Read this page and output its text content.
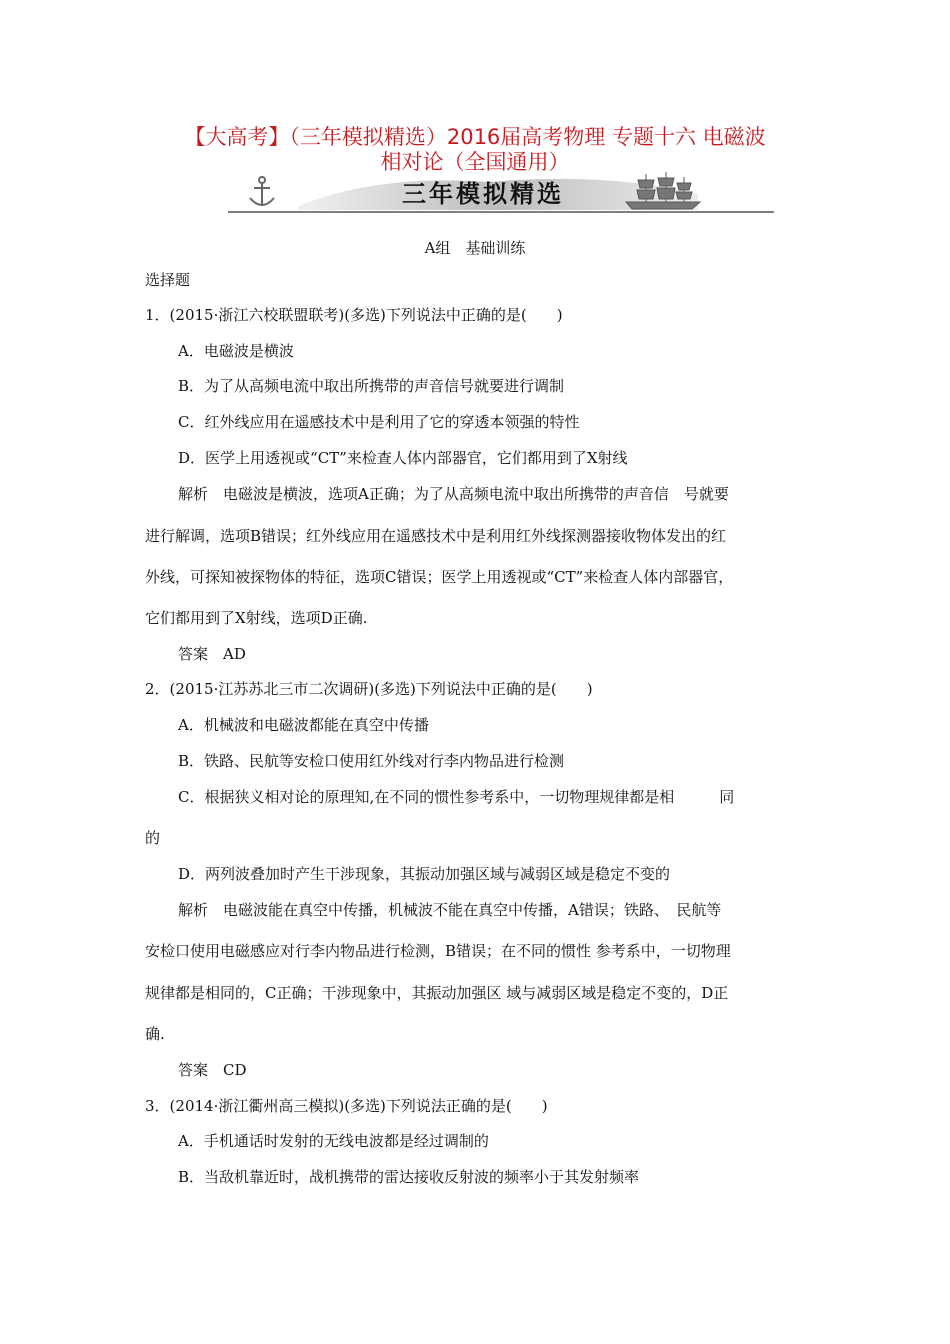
【大高考】（三年模拟精选）2016届高考物理 专题十六 电磁波
相对论（全国通用）
三年模拟精选
A组　基础训练
选择题
1．(2015·浙江六校联盟联考)(多选)下列说法中正确的是(　　)
A．电磁波是横波
B．为了从高频电流中取出所携带的声音信号就要进行调制
C．红外线应用在遥感技术中是利用了它的穿透本领强的特性
D．医学上用透视或“CT”来检查人体内部器官，它们都用到了X射线
解析　电磁波是横波，选项A正确；为了从高频电流中取出所携带的声音信　号就要
进行解调，选项B错误；红外线应用在遥感技术中是利用红外线探测器接收物体发出的红
外线，可探知被探物体的特征，选项C错误；医学上用透视或“CT”来检查人体内部器官，
它们都用到了X射线，选项D正确.
答案　AD
2．(2015·江苏苏北三市二次调研)(多选)下列说法中正确的是(　　)
A．机械波和电磁波都能在真空中传播
B．铁路、民航等安检口使用红外线对行李内物品进行检测
C．根据狭义相对论的原理知,在不同的惯性参考系中，一切物理规律都是相　　　同
的
D．两列波叠加时产生干涉现象，其振动加强区域与减弱区域是稳定不变的
解析　电磁波能在真空中传播，机械波不能在真空中传播，A错误；铁路、　民航等
安检口使用电磁感应对行李内物品进行检测，B错误；在不同的惯性 参考系中，一切物理
规律都是相同的，C正确；干涉现象中，其振动加强区 域与减弱区域是稳定不变的，D正
确.
答案　CD
3．(2014·浙江衢州高三模拟)(多选)下列说法正确的是(　　)
A．手机通话时发射的无线电波都是经过调制的
B．当敌机靠近时，战机携带的雷达接收反射波的频率小于其发射频率
